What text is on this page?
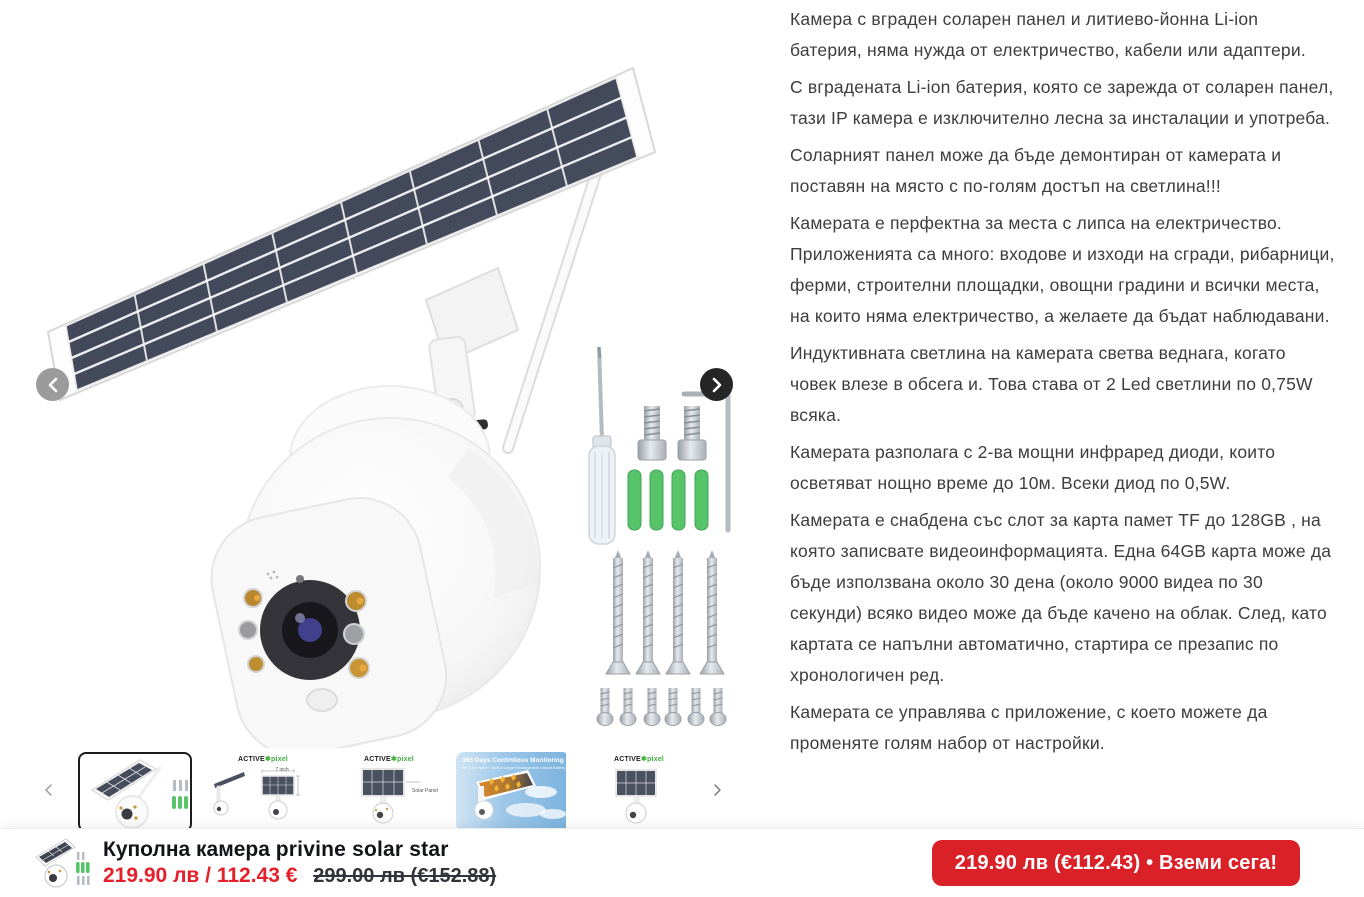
ACTIVE✱pixel
7 inch
ACTIVE✱pixel
Solar Panel
365 Days Contintious Monitoring
4W Solar Panel + Built-in Large Rechargeable Lithium Battery
ACTIVE✱pixel

Камера с вграден соларен панел и литиево-йонна Li-ion батерия, няма нужда от електричество, кабели или адаптери.

С вградената Li-ion батерия, която се зарежда от соларен панел, тази IP камера е изключително лесна за инсталации и употреба.

Соларният панел може да бъде демонтиран от камерата и поставян на място с по-голям достъп на светлина!!!

Камерата е перфектна за места с липса на електричество. Приложенията са много: входове и изходи на сгради, рибарници, ферми, строителни площадки, овощни градини и всички места, на които няма електричество, а желаете да бъдат наблюдавани.

Индуктивната светлина на камерата светва веднага, когато човек влезе в обсега и. Това става от 2 Led светлини по 0,75W всяка.

Камерата разполага с 2-ва мощни инфраред диоди, които осветяват нощно време до 10м. Всеки диод по 0,5W.

Камерата е снабдена със слот за карта памет TF до 128GB , на която записвате видеоинформацията. Една 64GB карта може да бъде използвана около 30 дена (около 9000 видеа по 30 секунди) всяко видео може да бъде качено на облак. След, като картата се напълни автоматично, стартира се презапис по хронологичен ред.

Камерата се управлява с приложение, с което можете да променяте голям набор от настройки.

Куполна камера privine solar star
219.90 лв / 112.43 € 299.00 лв (€152.88)
219.90 лв (€112.43) • Вземи сега!
